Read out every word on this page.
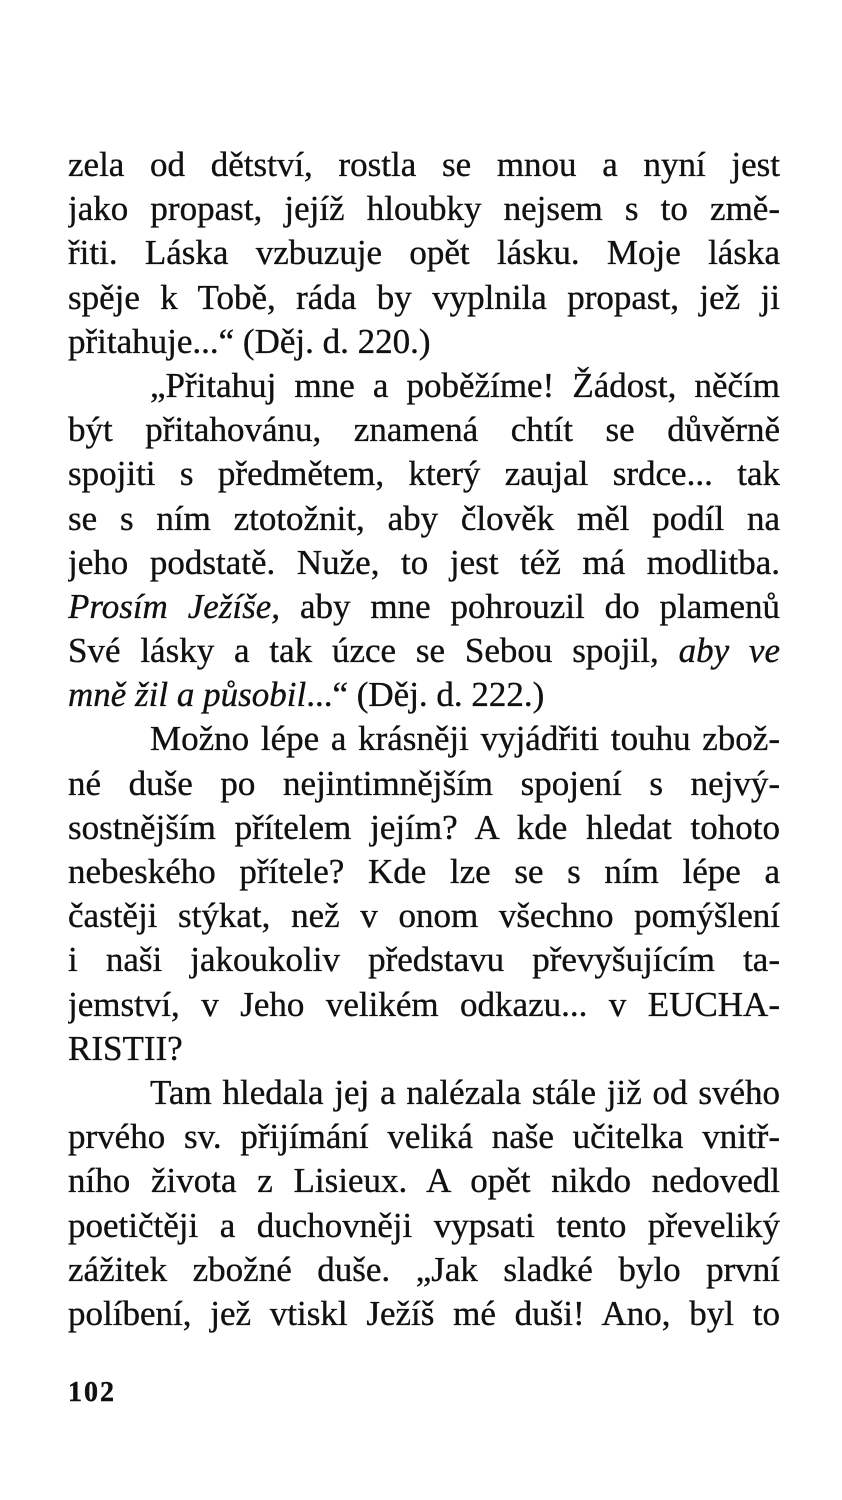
zela od dětství, rostla se mnou a nyní jest
jako propast, jejíž hloubky nejsem s to změ-
řiti. Láska vzbuzuje opět lásku. Moje láska
spěje k Tobě, ráda by vyplnila propast, jež ji
přitahuje...“ (Děj. d. 220.)
„Přitahuj mne a poběžíme! Žádost, něčím
být přitahovánu, znamená chtít se důvěrně
spojiti s předmětem, který zaujal srdce... tak
se s ním ztotožnit, aby člověk měl podíl na
jeho podstatě. Nuže, to jest též má modlitba.
Prosím Ježíše, aby mne pohrouzil do plamenů
Své lásky a tak úzce se Sebou spojil, aby ve
mně žil a působil...“ (Děj. d. 222.)
Možno lépe a krásněji vyjádřiti touhu zbož-
né duše po nejintimnějším spojení s nejvý-
sostnějším přítelem jejím? A kde hledat tohoto
nebeského přítele? Kde lze se s ním lépe a
častěji stýkat, než v onom všechno pomýšlení
i naši jakoukoliv představu převyšujícím ta-
jemství, v Jeho velikém odkazu... v EUCHA-
RISTII?
Tam hledala jej a nalézala stále již od svého
prvého sv. přijímání veliká naše učitelka vnitř-
ního života z Lisieux. A opět nikdo nedovedl
poetičtěji a duchovněji vypsati tento převeliký
zážitek zbožné duše. „Jak sladké bylo první
políbení, jež vtiskl Ježíš mé duši! Ano, byl to
102
